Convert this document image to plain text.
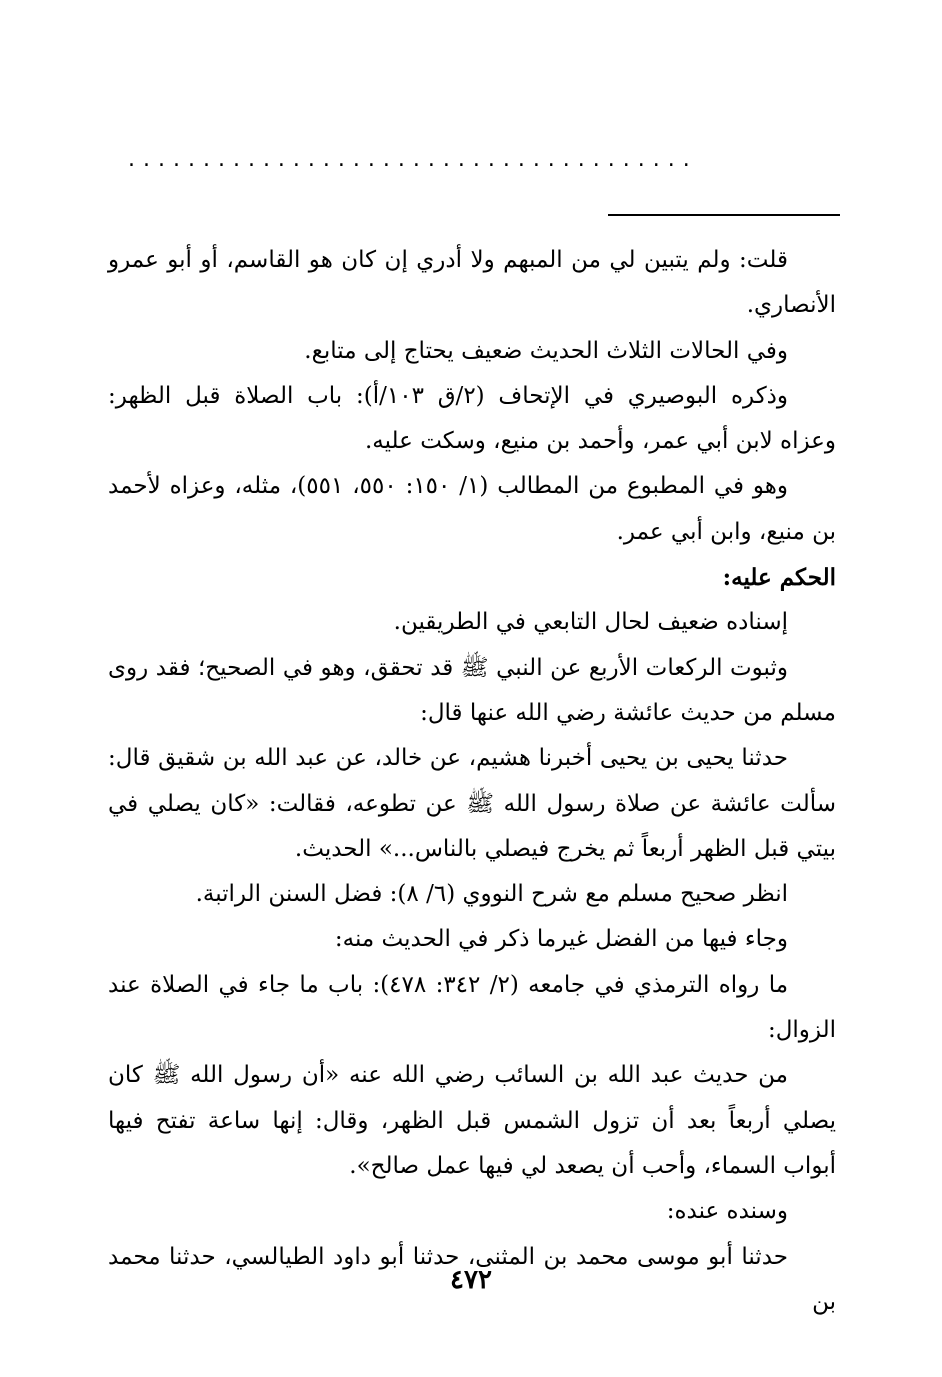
......................................

قلت: ولم يتبين لي من المبهم ولا أدري إن كان هو القاسم، أو أبو عمرو الأنصاري.

وفي الحالات الثلاث الحديث ضعيف يحتاج إلى متابع.

وذكره البوصيري في الإتحاف (٢/ق ١٠٣/أ): باب الصلاة قبل الظهر: وعزاه لابن أبي عمر، وأحمد بن منيع، وسكت عليه.

وهو في المطبوع من المطالب (١/ ١٥٠: ٥٥٠، ٥٥١)، مثله، وعزاه لأحمد بن منيع، وابن أبي عمر.

الحكم عليه:

إسناده ضعيف لحال التابعي في الطريقين.

وثبوت الركعات الأربع عن النبي ﷺ قد تحقق، وهو في الصحيح؛ فقد روى مسلم من حديث عائشة رضي الله عنها قال:

حدثنا يحيى بن يحيى أخبرنا هشيم، عن خالد، عن عبد الله بن شقيق قال: سألت عائشة عن صلاة رسول الله ﷺ عن تطوعه، فقالت: «كان يصلي في بيتي قبل الظهر أربعاً ثم يخرج فيصلي بالناس...» الحديث.

انظر صحيح مسلم مع شرح النووي (٦/ ٨): فضل السنن الراتبة.

وجاء فيها من الفضل غيرما ذكر في الحديث منه:

ما رواه الترمذي في جامعه (٢/ ٣٤٢: ٤٧٨): باب ما جاء في الصلاة عند الزوال:

من حديث عبد الله بن السائب رضي الله عنه «أن رسول الله ﷺ كان يصلي أربعاً بعد أن تزول الشمس قبل الظهر، وقال: إنها ساعة تفتح فيها أبواب السماء، وأحب أن يصعد لي فيها عمل صالح».

وسنده عنده:

حدثنا أبو موسى محمد بن المثنى، حدثنا أبو داود الطيالسي، حدثنا محمد بن

٤٧٢
